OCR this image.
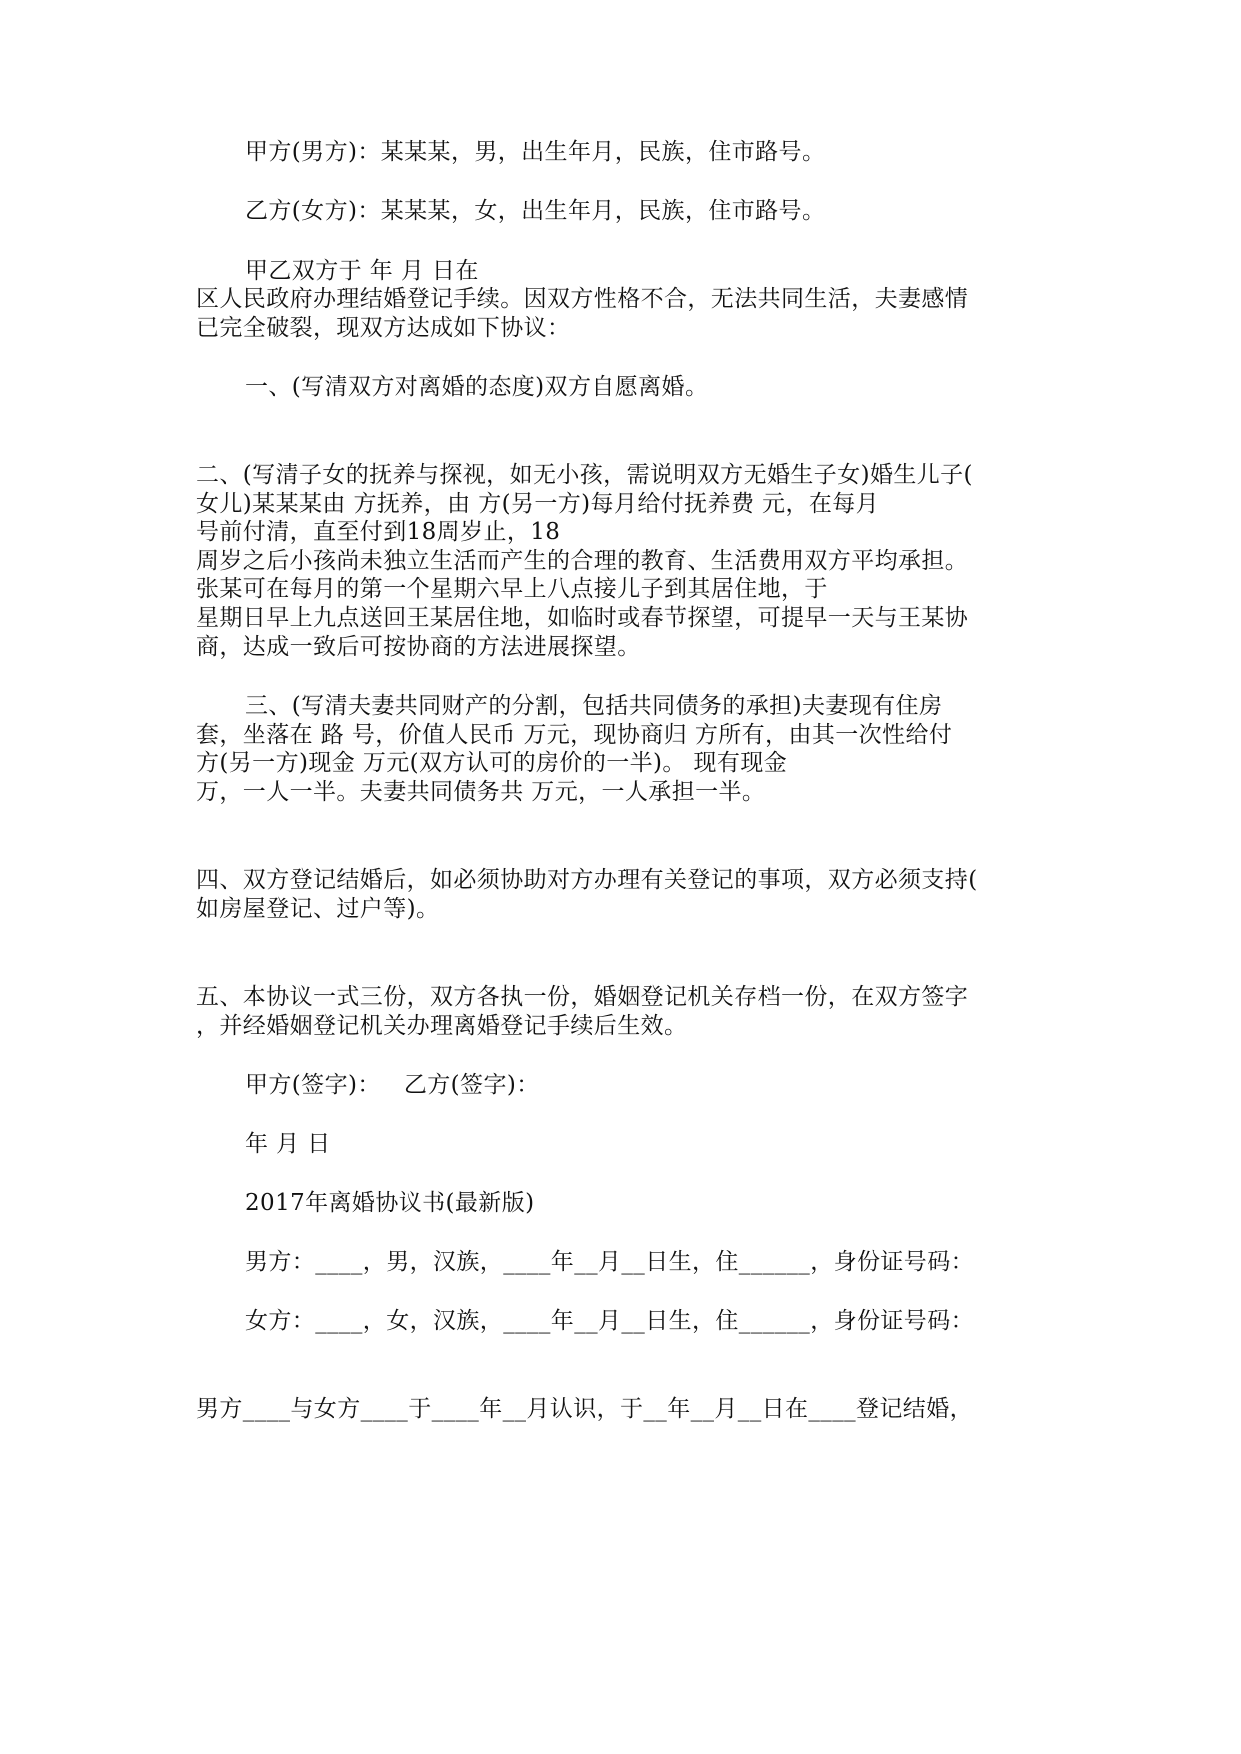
甲方(男方)：某某某，男，出生年月，民族，住市路号。
乙方(女方)：某某某，女，出生年月，民族，住市路号。
甲乙双方于 年 月 日在
区人民政府办理结婚登记手续。因双方性格不合，无法共同生活，夫妻感情
已完全破裂，现双方达成如下协议：
一、(写清双方对离婚的态度)双方自愿离婚。
二、(写清子女的抚养与探视，如无小孩，需说明双方无婚生子女)婚生儿子(
女儿)某某某由 方抚养，由 方(另一方)每月给付抚养费 元，在每月
号前付清，直至付到18周岁止，18
周岁之后小孩尚未独立生活而产生的合理的教育、生活费用双方平均承担。
张某可在每月的第一个星期六早上八点接儿子到其居住地，于
星期日早上九点送回王某居住地，如临时或春节探望，可提早一天与王某协
商，达成一致后可按协商的方法进展探望。
三、(写清夫妻共同财产的分割，包括共同债务的承担)夫妻现有住房
套，坐落在 路 号，价值人民币 万元，现协商归 方所有，由其一次性给付
方(另一方)现金 万元(双方认可的房价的一半)。 现有现金
万，一人一半。夫妻共同债务共 万元，一人承担一半。
四、双方登记结婚后，如必须协助对方办理有关登记的事项，双方必须支持(
如房屋登记、过户等)。
五、本协议一式三份，双方各执一份，婚姻登记机关存档一份，在双方签字
，并经婚姻登记机关办理离婚登记手续后生效。
甲方(签字)：   乙方(签字)：
年 月 日
2017年离婚协议书(最新版)
男方：____，男，汉族，____年__月__日生，住______，身份证号码：
女方：____，女，汉族，____年__月__日生，住______，身份证号码：
男方____与女方____于____年__月认识，于__年__月__日在____登记结婚，
